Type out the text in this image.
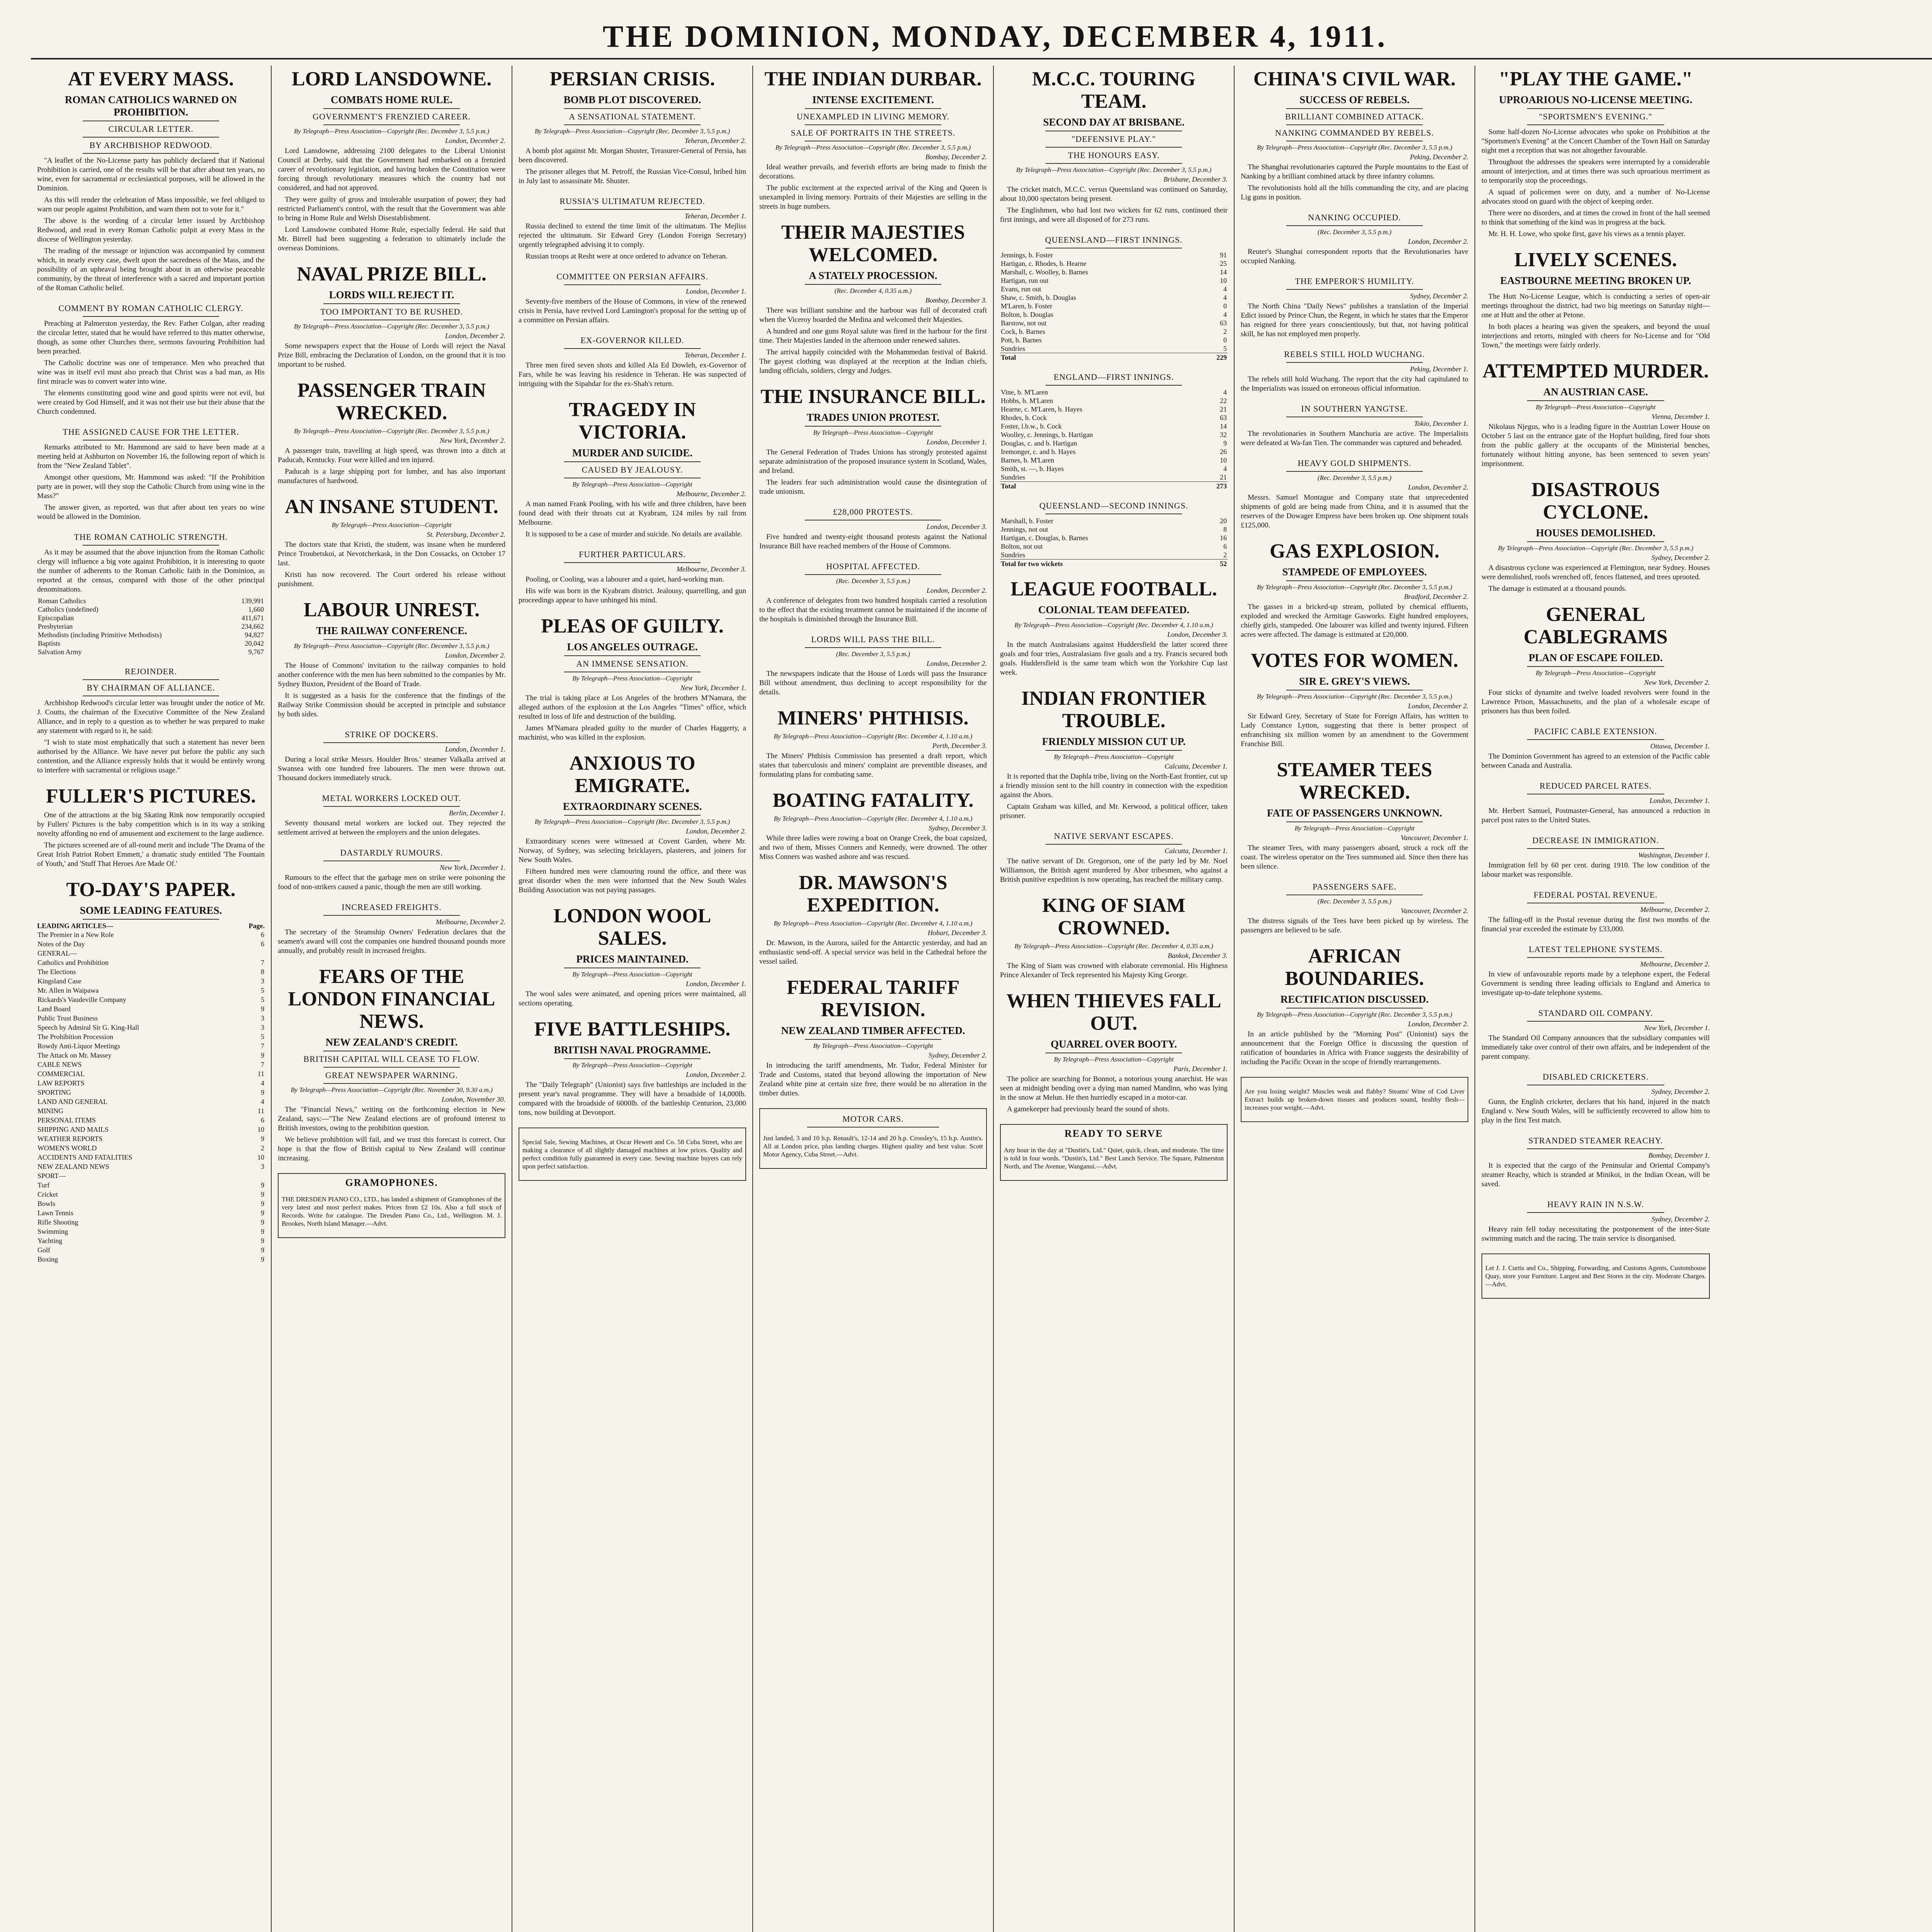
THE DOMINION, MONDAY, DECEMBER 4, 1911.
AT EVERY MASS.
ROMAN CATHOLICS WARNED ON PROHIBITION.
CIRCULAR LETTER.
BY ARCHBISHOP REDWOOD.

"A leaflet of the No-License party has publicly declared that if National Prohibition is carried, one of the results will be that after about ten years, no wine, even for sacramental or ecclesiastical purposes, will be allowed in the Dominion.

As this will render the celebration of Mass impossible, we feel obliged to warn our people against Prohibition, and warn them not to vote for it."

The above is the wording of a circular letter issued by Archbishop Redwood, and read in every Roman Catholic pulpit at every Mass in the diocese of Wellington yesterday.

The reading of the message or injunction was accompanied by comment which, in nearly every case, dwelt upon the sacredness of the Mass, and the possibility of an upheaval being brought about in an otherwise peaceable community, by the threat of interference with a sacred and important portion of the Roman Catholic belief.

COMMENT BY ROMAN CATHOLIC CLERGY.

Preaching at Palmerston yesterday, the Rev. Father Colgan, after reading the circular letter, stated that he would have referred to this matter otherwise, though, as some other Churches there, sermons favouring Prohibition had been preached.

The Catholic doctrine was one of temperance. Men who preached that wine was in itself evil must also preach that Christ was a bad man, as His first miracle was to convert water into wine.

The elements constituting good wine and good spirits were not evil, but were created by God Himself, and it was not their use but their abuse that the Church condemned.

THE ASSIGNED CAUSE FOR THE LETTER.

Remarks attributed to Mr. Hammond are said to have been made at a meeting held at Ashburton on November 16, the following report of which is from the "New Zealand Tablet".

Amongst other questions, Mr. Hammond was asked: "If the Prohibition party are in power, will they stop the Catholic Church from using wine in the Mass?"

The answer given, as reported, was that after about ten years no wine would be allowed in the Dominion.

THE ROMAN CATHOLIC STRENGTH.

As it may be assumed that the above injunction from the Roman Catholic clergy will influence a big vote against Prohibition, it is interesting to quote the number of adherents to the Roman Catholic faith in the Dominion, as reported at the census, compared with those of the other principal denominations.

Roman Catholics	139,991
Catholics (undefined)	1,660
Episcopalian	411,671
Presbyterian	234,662
Methodists (including Primitive Methodists)	94,827
Baptists	20,042
Salvation Army	9,767
REJOINDER.
BY CHAIRMAN OF ALLIANCE.

Archbishop Redwood's circular letter was brought under the notice of Mr. J. Coutts, the chairman of the Executive Committee of the New Zealand Alliance, and in reply to a question as to whether he was prepared to make any statement with regard to it, he said:

"I wish to state most emphatically that such a statement has never been authorised by the Alliance. We have never put before the public any such contention, and the Alliance expressly holds that it would be entirely wrong to interfere with sacramental or religious usage."

FULLER'S PICTURES.

One of the attractions at the big Skating Rink now temporarily occupied by Fullers' Pictures is the baby competition which is in its way a striking novelty affording no end of amusement and excitement to the large audience.

The pictures screened are of all-round merit and include 'The Drama of the Great Irish Patriot Robert Emmett,' a dramatic study entitled 'The Fountain of Youth,' and 'Stuff That Heroes Are Made Of.'

TO-DAY'S PAPER.
SOME LEADING FEATURES.
LEADING ARTICLES—	Page.
The Premier in a New Role	6
Notes of the Day	6
GENERAL—	
Catholics and Prohibition	7
The Elections	8
Kingsland Case	3
Mr. Allen in Waipawa	5
Rickards's Vaudeville Company	5
Land Board	9
Public Trust Business	3
Speech by Admiral Sir G. King-Hall	3
The Prohibition Procession	5
Rowdy Anti-Liquor Meetings	7
The Attack on Mr. Massey	9
CABLE NEWS	7
COMMERCIAL	11
LAW REPORTS	4
SPORTING	9
LAND AND GENERAL	4
MINING	11
PERSONAL ITEMS	6
SHIPPING AND MAILS	10
WEATHER REPORTS	9
WOMEN'S WORLD	2
ACCIDENTS AND FATALITIES	10
NEW ZEALAND NEWS	3
SPORT—	
Turf	9
Cricket	9
Bowls	9
Lawn Tennis	9
Rifle Shooting	9
Swimming	9
Yachting	9
Golf	9
Boxing	9
LORD LANSDOWNE.
COMBATS HOME RULE.
GOVERNMENT'S FRENZIED CAREER.
By Telegraph—Press Association—Copyright (Rec. December 3, 5.5 p.m.)
London, December 2.

Lord Lansdowne, addressing 2100 delegates to the Liberal Unionist Council at Derby, said that the Government had embarked on a frenzied career of revolutionary legislation, and having broken the Constitution were forcing through revolutionary measures which the country had not considered, and had not approved.

They were guilty of gross and intolerable usurpation of power; they had restricted Parliament's control, with the result that the Government was able to bring in Home Rule and Welsh Disestablishment.

Lord Lansdowne combated Home Rule, especially federal. He said that Mr. Birrell had been suggesting a federation to ultimately include the overseas Dominions.

NAVAL PRIZE BILL.
LORDS WILL REJECT IT.
TOO IMPORTANT TO BE RUSHED.
By Telegraph—Press Association—Copyright (Rec. December 3, 5.5 p.m.)
London, December 2.

Some newspapers expect that the House of Lords will reject the Naval Prize Bill, embracing the Declaration of London, on the ground that it is too important to be rushed.

PASSENGER TRAIN WRECKED.
By Telegraph—Press Association—Copyright (Rec. December 3, 5.5 p.m.)
New York, December 2.

A passenger train, travelling at high speed, was thrown into a ditch at Paducah, Kentucky. Four were killed and ten injured.

Paducah is a large shipping port for lumber, and has also important manufactures of hardwood.

AN INSANE STUDENT.
By Telegraph—Press Association—Copyright
St. Petersburg, December 2.

The doctors state that Kristi, the student, was insane when he murdered Prince Troubetskoi, at Nevotcherkask, in the Don Cossacks, on October 17 last.

Kristi has now recovered. The Court ordered his release without punishment.

LABOUR UNREST.
THE RAILWAY CONFERENCE.
By Telegraph—Press Association—Copyright (Rec. December 3, 5.5 p.m.)
London, December 2.

The House of Commons' invitation to the railway companies to hold another conference with the men has been submitted to the companies by Mr. Sydney Buxton, President of the Board of Trade.

It is suggested as a basis for the conference that the findings of the Railway Strike Commission should be accepted in principle and substance by both sides.

STRIKE OF DOCKERS.
London, December 1.

During a local strike Messrs. Houlder Bros.' steamer Valkalla arrived at Swansea with one hundred free labourers. The men were thrown out. Thousand dockers immediately struck.

METAL WORKERS LOCKED OUT.
Berlin, December 1.

Seventy thousand metal workers are locked out. They rejected the settlement arrived at between the employers and the union delegates.

DASTARDLY RUMOURS.
New York, December 1.

Rumours to the effect that the garbage men on strike were poisoning the food of non-strikers caused a panic, though the men are still working.

INCREASED FREIGHTS.
Melbourne, December 2.

The secretary of the Steamship Owners' Federation declares that the seamen's award will cost the companies one hundred thousand pounds more annually, and probably result in increased freights.

FEARS OF THE LONDON FINANCIAL NEWS.
NEW ZEALAND'S CREDIT.
BRITISH CAPITAL WILL CEASE TO FLOW.
GREAT NEWSPAPER WARNING.
By Telegraph—Press Association—Copyright (Rec. November 30, 9.30 a.m.)
London, November 30.

The "Financial News," writing on the forthcoming election in New Zealand, says:—"The New Zealand elections are of profound interest to British investors, owing to the prohibition question.

We believe prohibition will fail, and we trust this forecast is correct. Our hope is that the flow of British capital to New Zealand will continue increasing.

GRAMOPHONES.

THE DRESDEN PIANO CO., LTD., has landed a shipment of Gramophones of the very latest and most perfect makes. Prices from £2 10s. Also a full stock of Records. Write for catalogue. The Dresden Piano Co., Ltd., Wellington. M. J. Brookes, North Island Manager.—Advt.

PERSIAN CRISIS.
BOMB PLOT DISCOVERED.
A SENSATIONAL STATEMENT.
By Telegraph—Press Association—Copyright (Rec. December 3, 5.5 p.m.)
Teheran, December 2.

A bomb plot against Mr. Morgan Shuster, Treasurer-General of Persia, has been discovered.

The prisoner alleges that M. Petroff, the Russian Vice-Consul, bribed him in July last to assassinate Mr. Shuster.

RUSSIA'S ULTIMATUM REJECTED.
Teheran, December 1.

Russia declined to extend the time limit of the ultimatum. The Mejliss rejected the ultimatum. Sir Edward Grey (London Foreign Secretary) urgently telegraphed advising it to comply.

Russian troops at Resht were at once ordered to advance on Teheran.

COMMITTEE ON PERSIAN AFFAIRS.
London, December 1.

Seventy-five members of the House of Commons, in view of the renewed crisis in Persia, have revived Lord Lamington's proposal for the setting up of a committee on Persian affairs.

EX-GOVERNOR KILLED.
Teheran, December 1.

Three men fired seven shots and killed Ala Ed Dowleh, ex-Governor of Fars, while he was leaving his residence in Teheran. He was suspected of intriguing with the Sipahdar for the ex-Shah's return.

TRAGEDY IN VICTORIA.
MURDER AND SUICIDE.
CAUSED BY JEALOUSY.
By Telegraph—Press Association—Copyright
Melbourne, December 2.

A man named Frank Pooling, with his wife and three children, have been found dead with their throats cut at Kyabram, 124 miles by rail from Melbourne.

It is supposed to be a case of murder and suicide. No details are available.

FURTHER PARTICULARS.
Melbourne, December 3.

Pooling, or Cooling, was a labourer and a quiet, hard-working man.

His wife was born in the Kyabram district. Jealousy, quarrelling, and gun proceedings appear to have unhinged his mind.

PLEAS OF GUILTY.
LOS ANGELES OUTRAGE.
AN IMMENSE SENSATION.
By Telegraph—Press Association—Copyright
New York, December 1.

The trial is taking place at Los Angeles of the brothers M'Namara, the alleged authors of the explosion at the Los Angeles "Times" office, which resulted in loss of life and destruction of the building.

James M'Namara pleaded guilty to the murder of Charles Haggerty, a machinist, who was killed in the explosion.

ANXIOUS TO EMIGRATE.
EXTRAORDINARY SCENES.
By Telegraph—Press Association—Copyright (Rec. December 3, 5.5 p.m.)
London, December 2.

Extraordinary scenes were witnessed at Covent Garden, where Mr. Norway, of Sydney, was selecting bricklayers, plasterers, and joiners for New South Wales.

Fifteen hundred men were clamouring round the office, and there was great disorder when the men were informed that the New South Wales Building Association was not paying passages.

LONDON WOOL SALES.
PRICES MAINTAINED.
By Telegraph—Press Association—Copyright
London, December 1.

The wool sales were animated, and opening prices were maintained, all sections operating.

FIVE BATTLESHIPS.
BRITISH NAVAL PROGRAMME.
By Telegraph—Press Association—Copyright
London, December 2.

The "Daily Telegraph" (Unionist) says five battleships are included in the present year's naval programme. They will have a broadside of 14,000lb. compared with the broadside of 6000lb. of the battleship Centurion, 23,000 tons, now building at Devonport.

Special Sale, Sewing Machines, at Oscar Hewett and Co. 58 Cuba Street, who are making a clearance of all slightly damaged machines at low prices. Quality and perfect condition fully guaranteed in every case. Sewing machine buyers can rely upon perfect satisfaction.

THE INDIAN DURBAR.
INTENSE EXCITEMENT.
UNEXAMPLED IN LIVING MEMORY.
SALE OF PORTRAITS IN THE STREETS.
By Telegraph—Press Association—Copyright (Rec. December 3, 5.5 p.m.)
Bombay, December 2.

Ideal weather prevails, and feverish efforts are being made to finish the decorations.

The public excitement at the expected arrival of the King and Queen is unexampled in living memory. Portraits of their Majesties are selling in the streets in huge numbers.

THEIR MAJESTIES WELCOMED.
A STATELY PROCESSION.
(Rec. December 4, 0.35 a.m.)
Bombay, December 3.

There was brilliant sunshine and the harbour was full of decorated craft when the Viceroy boarded the Medina and welcomed their Majesties.

A hundred and one guns Royal salute was fired in the harbour for the first time. Their Majesties landed in the afternoon under renewed salutes.

The arrival happily coincided with the Mohammedan festival of Bakrid. The gayest clothing was displayed at the reception at the Indian chiefs, landing officials, soldiers, clergy and Judges.

THE INSURANCE BILL.
TRADES UNION PROTEST.
By Telegraph—Press Association—Copyright
London, December 1.

The General Federation of Trades Unions has strongly protested against separate administration of the proposed insurance system in Scotland, Wales, and Ireland.

The leaders fear such administration would cause the disintegration of trade unionism.

£28,000 PROTESTS.
London, December 3.

Five hundred and twenty-eight thousand protests against the National Insurance Bill have reached members of the House of Commons.

HOSPITAL AFFECTED.
(Rec. December 3, 5.5 p.m.)
London, December 2.

A conference of delegates from two hundred hospitals carried a resolution to the effect that the existing treatment cannot be maintained if the income of the hospitals is diminished through the Insurance Bill.

LORDS WILL PASS THE BILL.
(Rec. December 3, 5.5 p.m.)
London, December 2.

The newspapers indicate that the House of Lords will pass the Insurance Bill without amendment, thus declining to accept responsibility for the details.

MINERS' PHTHISIS.
By Telegraph—Press Association—Copyright (Rec. December 4, 1.10 a.m.)
Perth, December 3.

The Miners' Phthisis Commission has presented a draft report, which states that tuberculosis and miners' complaint are preventible diseases, and formulating plans for combating same.

BOATING FATALITY.
By Telegraph—Press Association—Copyright (Rec. December 4, 1.10 a.m.)
Sydney, December 3.

While three ladies were rowing a boat on Orange Creek, the boat capsized, and two of them, Misses Conners and Kennedy, were drowned. The other Miss Conners was washed ashore and was rescued.

DR. MAWSON'S EXPEDITION.
By Telegraph—Press Association—Copyright (Rec. December 4, 1.10 a.m.)
Hobart, December 3.

Dr. Mawson, in the Aurora, sailed for the Antarctic yesterday, and had an enthusiastic send-off. A special service was held in the Cathedral before the vessel sailed.

FEDERAL TARIFF REVISION.
NEW ZEALAND TIMBER AFFECTED.
By Telegraph—Press Association—Copyright
Sydney, December 2.

In introducing the tariff amendments, Mr. Tudor, Federal Minister for Trade and Customs, stated that beyond allowing the importation of New Zealand white pine at certain size free, there would be no alteration in the timber duties.

MOTOR CARS.

Just landed, 3 and 10 h.p. Renault's, 12-14 and 20 h.p. Crossley's, 15 h.p. Austin's. All at London price, plus landing charges. Highest quality and best value. Scott Motor Agency, Cuba Street.—Advt.

M.C.C. TOURING TEAM.
SECOND DAY AT BRISBANE.
"DEFENSIVE PLAY."
THE HONOURS EASY.
By Telegraph—Press Association—Copyright (Rec. December 3, 5.5 p.m.)
Brisbane, December 3.

The cricket match, M.C.C. versus Queensland was continued on Saturday, about 10,000 spectators being present.

The Englishmen, who had lost two wickets for 62 runs, continued their first innings, and were all disposed of for 273 runs.

QUEENSLAND—FIRST INNINGS.
Jennings, b. Foster	91
Hartigan, c. Rhodes, b. Hearne	25
Marshall, c. Woolley, b. Barnes	14
Hartigan, run out	10
Evans, run out	4
Shaw, c. Smith, b. Douglas	4
M'Laren, b. Foster	0
Bolton, b. Douglas	4
Barstow, not out	63
Cock, b. Barnes	2
Pott, b. Barnes	0
Sundries	5
Total	229
ENGLAND—FIRST INNINGS.
Vine, b. M'Laren	4
Hobbs, b. M'Laren	22
Hearne, c. M'Laren, b. Hayes	21
Rhodes, b. Cock	63
Foster, l.b.w., b. Cock	14
Woolley, c. Jennings, b. Hartigan	32
Douglas, c. and b. Hartigan	9
Iremonger, c. and b. Hayes	26
Barnes, b. M'Laren	10
Smith, st. —, b. Hayes	4
Sundries	21
Total	273
QUEENSLAND—SECOND INNINGS.
Marshall, b. Foster	20
Jennings, not out	8
Hartigan, c. Douglas, b. Barnes	16
Bolton, not out	6
Sundries	2
Total for two wickets	52
LEAGUE FOOTBALL.
COLONIAL TEAM DEFEATED.
By Telegraph—Press Association—Copyright (Rec. December 4, 1.10 a.m.)
London, December 3.

In the match Australasians against Huddersfield the latter scored three goals and four tries, Australasians five goals and a try. Francis secured both goals. Huddersfield is the same team which won the Yorkshire Cup last week.

INDIAN FRONTIER TROUBLE.
FRIENDLY MISSION CUT UP.
By Telegraph—Press Association—Copyright
Calcutta, December 1.

It is reported that the Daphla tribe, living on the North-East frontier, cut up a friendly mission sent to the hill country in connection with the expedition against the Abors.

Captain Graham was killed, and Mr. Kerwood, a political officer, taken prisoner.

NATIVE SERVANT ESCAPES.
Calcutta, December 1.

The native servant of Dr. Gregorson, one of the party led by Mr. Noel Williamson, the British agent murdered by Abor tribesmen, who against a British punitive expedition is now operating, has reached the military camp.

KING OF SIAM CROWNED.
By Telegraph—Press Association—Copyright (Rec. December 4, 0.35 a.m.)
Bankok, December 3.

The King of Siam was crowned with elaborate ceremonial. His Highness Prince Alexander of Teck represented his Majesty King George.

WHEN THIEVES FALL OUT.
QUARREL OVER BOOTY.
By Telegraph—Press Association—Copyright
Paris, December 1.

The police are searching for Bonnot, a notorious young anarchist. He was seen at midnight bending over a dying man named Mandinn, who was lying in the snow at Melun. He then hurriedly escaped in a motor-car.

A gamekeeper had previously heard the sound of shots.

READY TO SERVE

Any hour in the day at "Dustin's, Ltd." Quiet, quick, clean, and moderate. The time is told in four words. "Dustin's, Ltd." Best Lunch Service. The Square, Palmerston North, and The Avenue, Wanganui.—Advt.

CHINA'S CIVIL WAR.
SUCCESS OF REBELS.
BRILLIANT COMBINED ATTACK.
NANKING COMMANDED BY REBELS.
By Telegraph—Press Association—Copyright (Rec. December 3, 5.5 p.m.)
Peking, December 2.

The Shanghai revolutionaries captured the Purple mountains to the East of Nanking by a brilliant combined attack by three infantry columns.

The revolutionists hold all the hills commanding the city, and are placing Lig guns in position.

NANKING OCCUPIED.
(Rec. December 3, 5.5 p.m.)
London, December 2.

Reuter's Shanghai correspondent reports that the Revolutionaries have occupied Nanking.

THE EMPEROR'S HUMILITY.
Sydney, December 2.

The North China "Daily News" publishes a translation of the Imperial Edict issued by Prince Chun, the Regent, in which he states that the Emperor has reigned for three years conscientiously, but that, not having political skill, he has not employed men properly.

REBELS STILL HOLD WUCHANG.
Peking, December 1.

The rebels still hold Wuchang. The report that the city had capitulated to the Imperialists was issued on erroneous official information.

IN SOUTHERN YANGTSE.
Tokio, December 1.

The revolutionaries in Southern Manchuria are active. The Imperialists were defeated at Wa-fan Tien. The commander was captured and beheaded.

HEAVY GOLD SHIPMENTS.
(Rec. December 3, 5.5 p.m.)
London, December 2.

Messrs. Samuel Montague and Company state that unprecedented shipments of gold are being made from China, and it is assumed that the reserves of the Dowager Empress have been broken up. One shipment totals £125,000.

GAS EXPLOSION.
STAMPEDE OF EMPLOYEES.
By Telegraph—Press Association—Copyright (Rec. December 3, 5.5 p.m.)
Bradford, December 2.

The gasses in a bricked-up stream, polluted by chemical effluents, exploded and wrecked the Armitage Gasworks. Eight hundred employees, chiefly girls, stampeded. One labourer was killed and twenty injured. Fifteen acres were affected. The damage is estimated at £20,000.

VOTES FOR WOMEN.
SIR E. GREY'S VIEWS.
By Telegraph—Press Association—Copyright (Rec. December 3, 5.5 p.m.)
London, December 2.

Sir Edward Grey, Secretary of State for Foreign Affairs, has written to Lady Constance Lytton, suggesting that there is better prospect of enfranchising six million women by an amendment to the Government Franchise Bill.

STEAMER TEES WRECKED.
FATE OF PASSENGERS UNKNOWN.
By Telegraph—Press Association—Copyright
Vancouver, December 1.

The steamer Tees, with many passengers aboard, struck a rock off the coast. The wireless operator on the Tees summoned aid. Since then there has been silence.

PASSENGERS SAFE.
(Rec. December 3, 5.5 p.m.)
Vancouver, December 2.

The distress signals of the Tees have been picked up by wireless. The passengers are believed to be safe.

AFRICAN BOUNDARIES.
RECTIFICATION DISCUSSED.
By Telegraph—Press Association—Copyright (Rec. December 3, 5.5 p.m.)
London, December 2.

In an article published by the "Morning Post" (Unionist) says the announcement that the Foreign Office is discussing the question of ratification of boundaries in Africa with France suggests the desirability of including the Pacific Ocean in the scope of friendly rearrangements.

Are you losing weight? Muscles weak and flabby? Steams' Wine of Cod Liver Extract builds up broken-down tissues and produces sound, healthy flesh—increases your weight.—Advt.

"PLAY THE GAME."
UPROARIOUS NO-LICENSE MEETING.
"SPORTSMEN'S EVENING."

Some half-dozen No-License advocates who spoke on Prohibition at the "Sportsmen's Evening" at the Concert Chamber of the Town Hall on Saturday night met a reception that was not altogether favourable.

Throughout the addresses the speakers were interrupted by a considerable amount of interjection, and at times there was such uproarious merriment as to temporarily stop the proceedings.

A squad of policemen were on duty, and a number of No-License advocates stood on guard with the object of keeping order.

There were no disorders, and at times the crowd in front of the hall seemed to think that something of the kind was in progress at the back.

Mr. H. H. Lowe, who spoke first, gave his views as a tennis player.

LIVELY SCENES.
EASTBOURNE MEETING BROKEN UP.

The Hutt No-License League, which is conducting a series of open-air meetings throughout the district, had two big meetings on Saturday night—one at Hutt and the other at Petone.

In both places a hearing was given the speakers, and beyond the usual interjections and retorts, mingled with cheers for No-License and for "Old Town," the meetings were fairly orderly.

ATTEMPTED MURDER.
AN AUSTRIAN CASE.
By Telegraph—Press Association—Copyright
Vienna, December 1.

Nikolaus Njegus, who is a leading figure in the Austrian Lower House on October 5 last on the entrance gate of the Hopfurt building, fired four shots from the public gallery at the occupants of the Ministerial benches, fortunately without hitting anyone, has been sentenced to seven years' imprisonment.

DISASTROUS CYCLONE.
HOUSES DEMOLISHED.
By Telegraph—Press Association—Copyright (Rec. December 3, 5.5 p.m.)
Sydney, December 2.

A disastrous cyclone was experienced at Flemington, near Sydney. Houses were demolished, roofs wrenched off, fences flattened, and trees uprooted.

The damage is estimated at a thousand pounds.

GENERAL CABLEGRAMS
PLAN OF ESCAPE FOILED.
By Telegraph—Press Association—Copyright
New York, December 2.

Four sticks of dynamite and twelve loaded revolvers were found in the Lawrence Prison, Massachusetts, and the plan of a wholesale escape of prisoners has thus been foiled.

PACIFIC CABLE EXTENSION.
Ottawa, December 1.

The Dominion Government has agreed to an extension of the Pacific cable between Canada and Australia.

REDUCED PARCEL RATES.
London, December 1.

Mr. Herbert Samuel, Postmaster-General, has announced a reduction in parcel post rates to the United States.

DECREASE IN IMMIGRATION.
Washington, December 1.

Immigration fell by 60 per cent. during 1910. The low condition of the labour market was responsible.

FEDERAL POSTAL REVENUE.
Melbourne, December 2.

The falling-off in the Postal revenue during the first two months of the financial year exceeded the estimate by £33,000.

LATEST TELEPHONE SYSTEMS.
Melbourne, December 2.

In view of unfavourable reports made by a telephone expert, the Federal Government is sending three leading officials to England and America to investigate up-to-date telephone systems.

STANDARD OIL COMPANY.
New York, December 1.

The Standard Oil Company announces that the subsidiary companies will immediately take over control of their own affairs, and be independent of the parent company.

DISABLED CRICKETERS.
Sydney, December 2.

Gunn, the English cricketer, declares that his hand, injured in the match England v. New South Wales, will be sufficiently recovered to allow him to play in the first Test match.

STRANDED STEAMER REACHY.
Bombay, December 1.

It is expected that the cargo of the Peninsular and Oriental Company's steamer Reachy, which is stranded at Minikoi, in the Indian Ocean, will be saved.

HEAVY RAIN IN N.S.W.
Sydney, December 2.

Heavy rain fell today necessitating the postponement of the inter-State swimming match and the racing. The train service is disorganised.

Let J. J. Curtis and Co., Shipping, Forwarding, and Customs Agents, Customhouse Quay, store your Furniture. Largest and Best Stores in the city. Moderate Charges.—Advt.
